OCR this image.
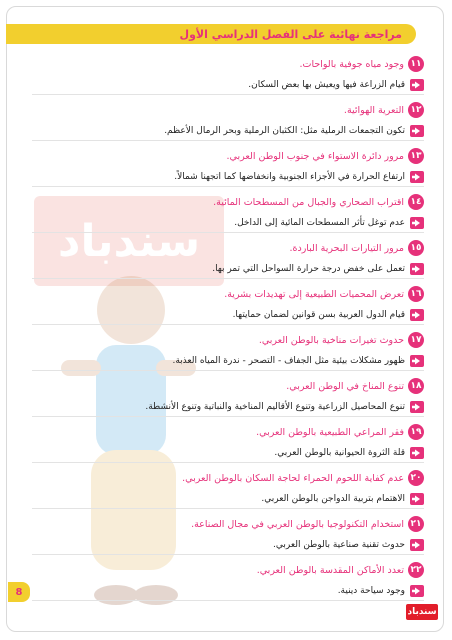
مراجعة نهائية على الفصل الدراسي الأول
سندباد
١١
وجود مياه جوفية بالواحات.
قيام الزراعة فيها ويعيش بها بعض السكان.
١٢
التعرية الهوائية.
تكون التجمعات الرملية مثل: الكثبان الرملية وبحر الرمال الأعظم.
١٣
مرور دائرة الاستواء في جنوب الوطن العربي.
ارتفاع الحرارة في الأجزاء الجنوبية وانخفاضها كما اتجهنا شمالاً.
١٤
اقتراب الصحاري والجبال من المسطحات المائية.
عدم توغل تأثر المسطحات المائية إلى الداخل.
١٥
مرور التيارات البحرية الباردة.
تعمل على خفض درجة حرارة السواحل التي تمر بها.
١٦
تعرض المحميات الطبيعية إلى تهديدات بشرية.
قيام الدول العربية بسن قوانين لضمان حمايتها.
١٧
حدوث تغيرات مناخية بالوطن العربي.
ظهور مشكلات بيئية مثل الجفاف - التصحر - ندرة المياه العذبة.
١٨
تنوع المناخ في الوطن العربي.
تنوع المحاصيل الزراعية وتنوع الأقاليم المناخية والنباتية وتنوع الأنشطة.
١٩
فقر المراعي الطبيعية بالوطن العربي.
قلة الثروة الحيوانية بالوطن العربي.
٢٠
عدم كفاية اللحوم الحمراء لحاجة السكان بالوطن العربي.
الاهتمام بتربية الدواجن بالوطن العربي.
٢١
استخدام التكنولوجيا بالوطن العربي في مجال الصناعة.
حدوث تقنية صناعية بالوطن العربي.
٢٢
تعدد الأماكن المقدسة بالوطن العربي.
وجود سياحة دينية.
8
سندباد
